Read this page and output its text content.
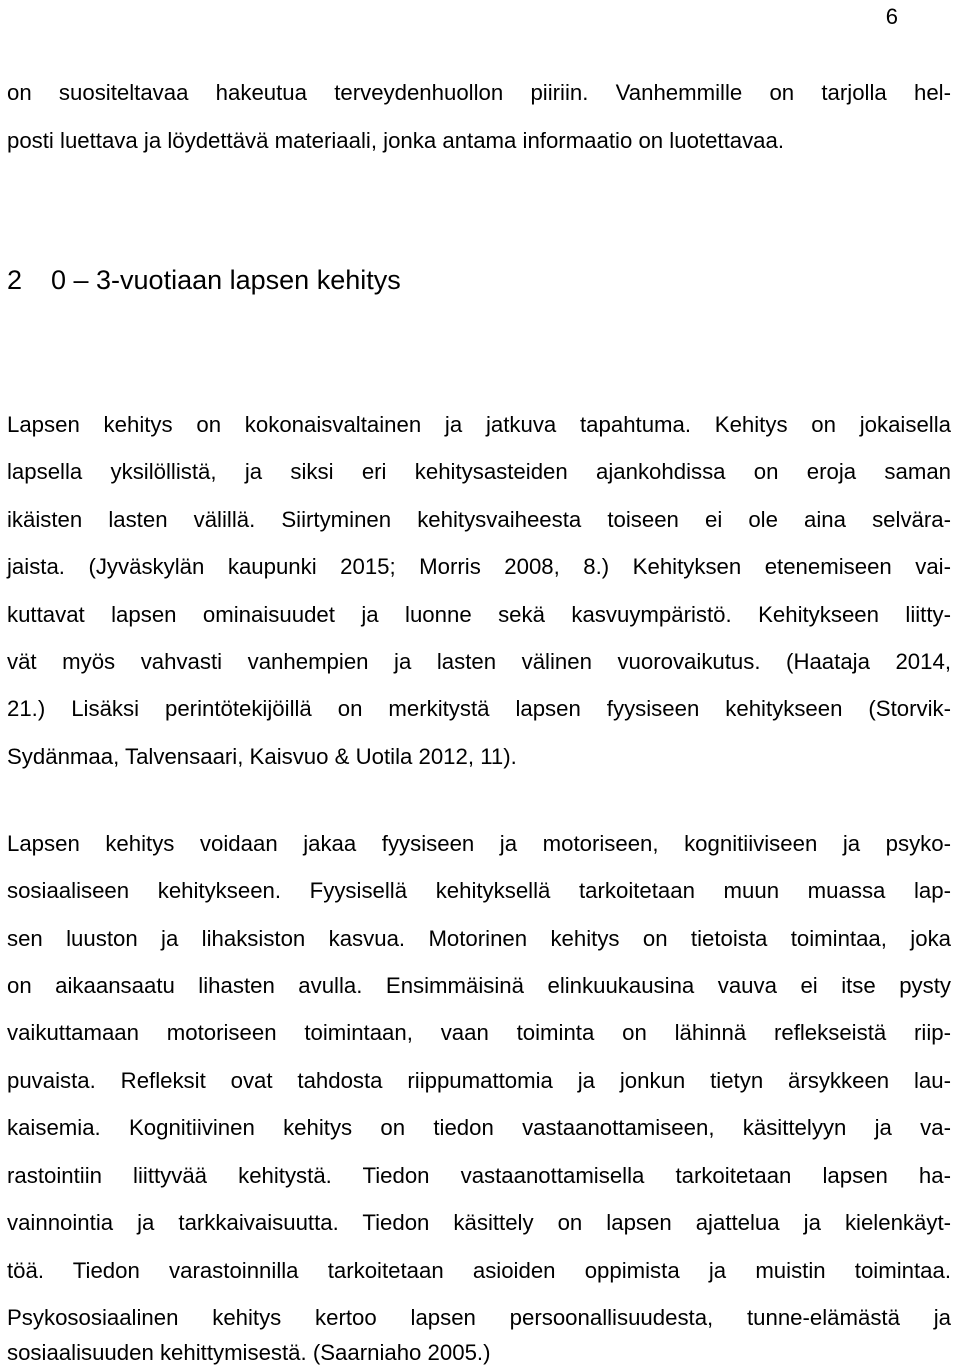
6
on suositeltavaa hakeutua terveydenhuollon piiriin. Vanhemmille on tarjolla hel-
posti luettava ja löydettävä materiaali, jonka antama informaatio on luotettavaa.
2 0 – 3-vuotiaan lapsen kehitys
Lapsen kehitys on kokonaisvaltainen ja jatkuva tapahtuma. Kehitys on jokaisella
lapsella yksilöllistä, ja siksi eri kehitysasteiden ajankohdissa on eroja saman
ikäisten lasten välillä. Siirtyminen kehitysvaiheesta toiseen ei ole aina selvära-
jaista. (Jyväskylän kaupunki 2015; Morris 2008, 8.) Kehityksen etenemiseen vai-
kuttavat lapsen ominaisuudet ja luonne sekä kasvuympäristö. Kehitykseen liitty-
vät myös vahvasti vanhempien ja lasten välinen vuorovaikutus. (Haataja 2014,
21.) Lisäksi perintötekijöillä on merkitystä lapsen fyysiseen kehitykseen (Storvik-
Sydänmaa, Talvensaari, Kaisvuo & Uotila 2012, 11).
Lapsen kehitys voidaan jakaa fyysiseen ja motoriseen, kognitiiviseen ja psyko-
sosiaaliseen kehitykseen. Fyysisellä kehityksellä tarkoitetaan muun muassa lap-
sen luuston ja lihaksiston kasvua. Motorinen kehitys on tietoista toimintaa, joka
on aikaansaatu lihasten avulla. Ensimmäisinä elinkuukausina vauva ei itse pysty
vaikuttamaan motoriseen toimintaan, vaan toiminta on lähinnä refleksеistä riip-
puvaista. Refleksit ovat tahdosta riippumattomia ja jonkun tietyn ärsykkeen lau-
kaisemia. Kognitiivinen kehitys on tiedon vastaanottamiseen, käsittelyyn ja va-
rastointiin liittyvää kehitystä. Tiedon vastaanottamisella tarkoitetaan lapsen ha-
vainnointia ja tarkkaivaisuutta. Tiedon käsittely on lapsen ajattelua ja kielenkäyt-
töä. Tiedon varastoinnilla tarkoitetaan asioiden oppimista ja muistin toimintaa.
Psykososiaalinen kehitys kertoo lapsen persoonallisuudesta, tunne-elämästä ja
sosiaalisuuden kehittymisestä. (Saarniaho 2005.)
